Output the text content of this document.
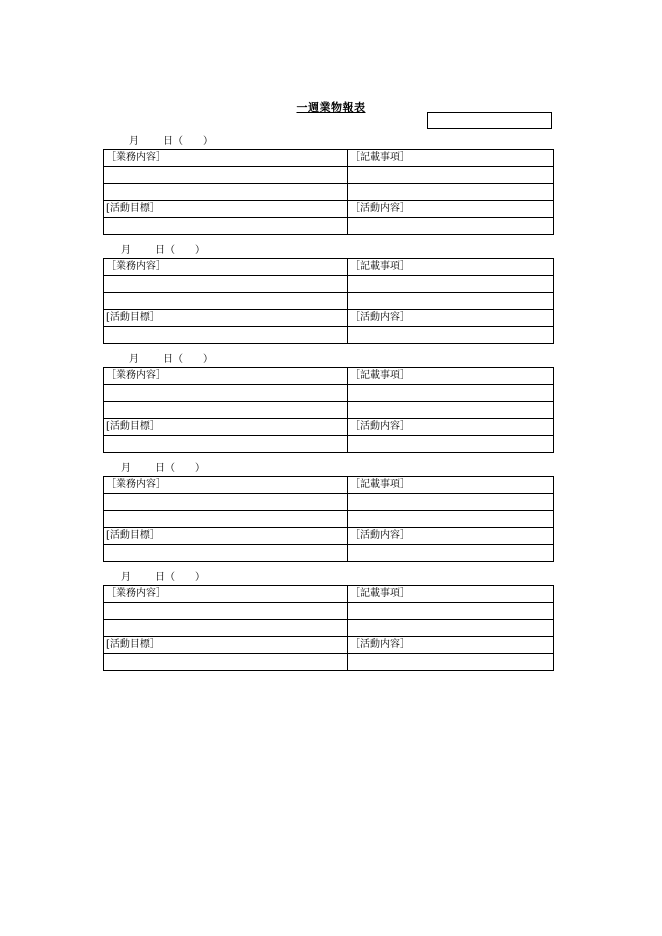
一週業物報表
月 日（ ）
［業務内容］	［記載事項］

[活動目標］	［活動内容］

月 日（ ）
［業務内容］	［記載事項］

[活動目標］	［活動内容］

月 日（ ）
［業務内容］	［記載事項］

[活動目標］	［活動内容］

月 日（ ）
［業務内容］	［記載事項］

[活動目標］	［活動内容］

月 日（ ）
［業務内容］	［記載事項］

[活動目標］	［活動内容］
